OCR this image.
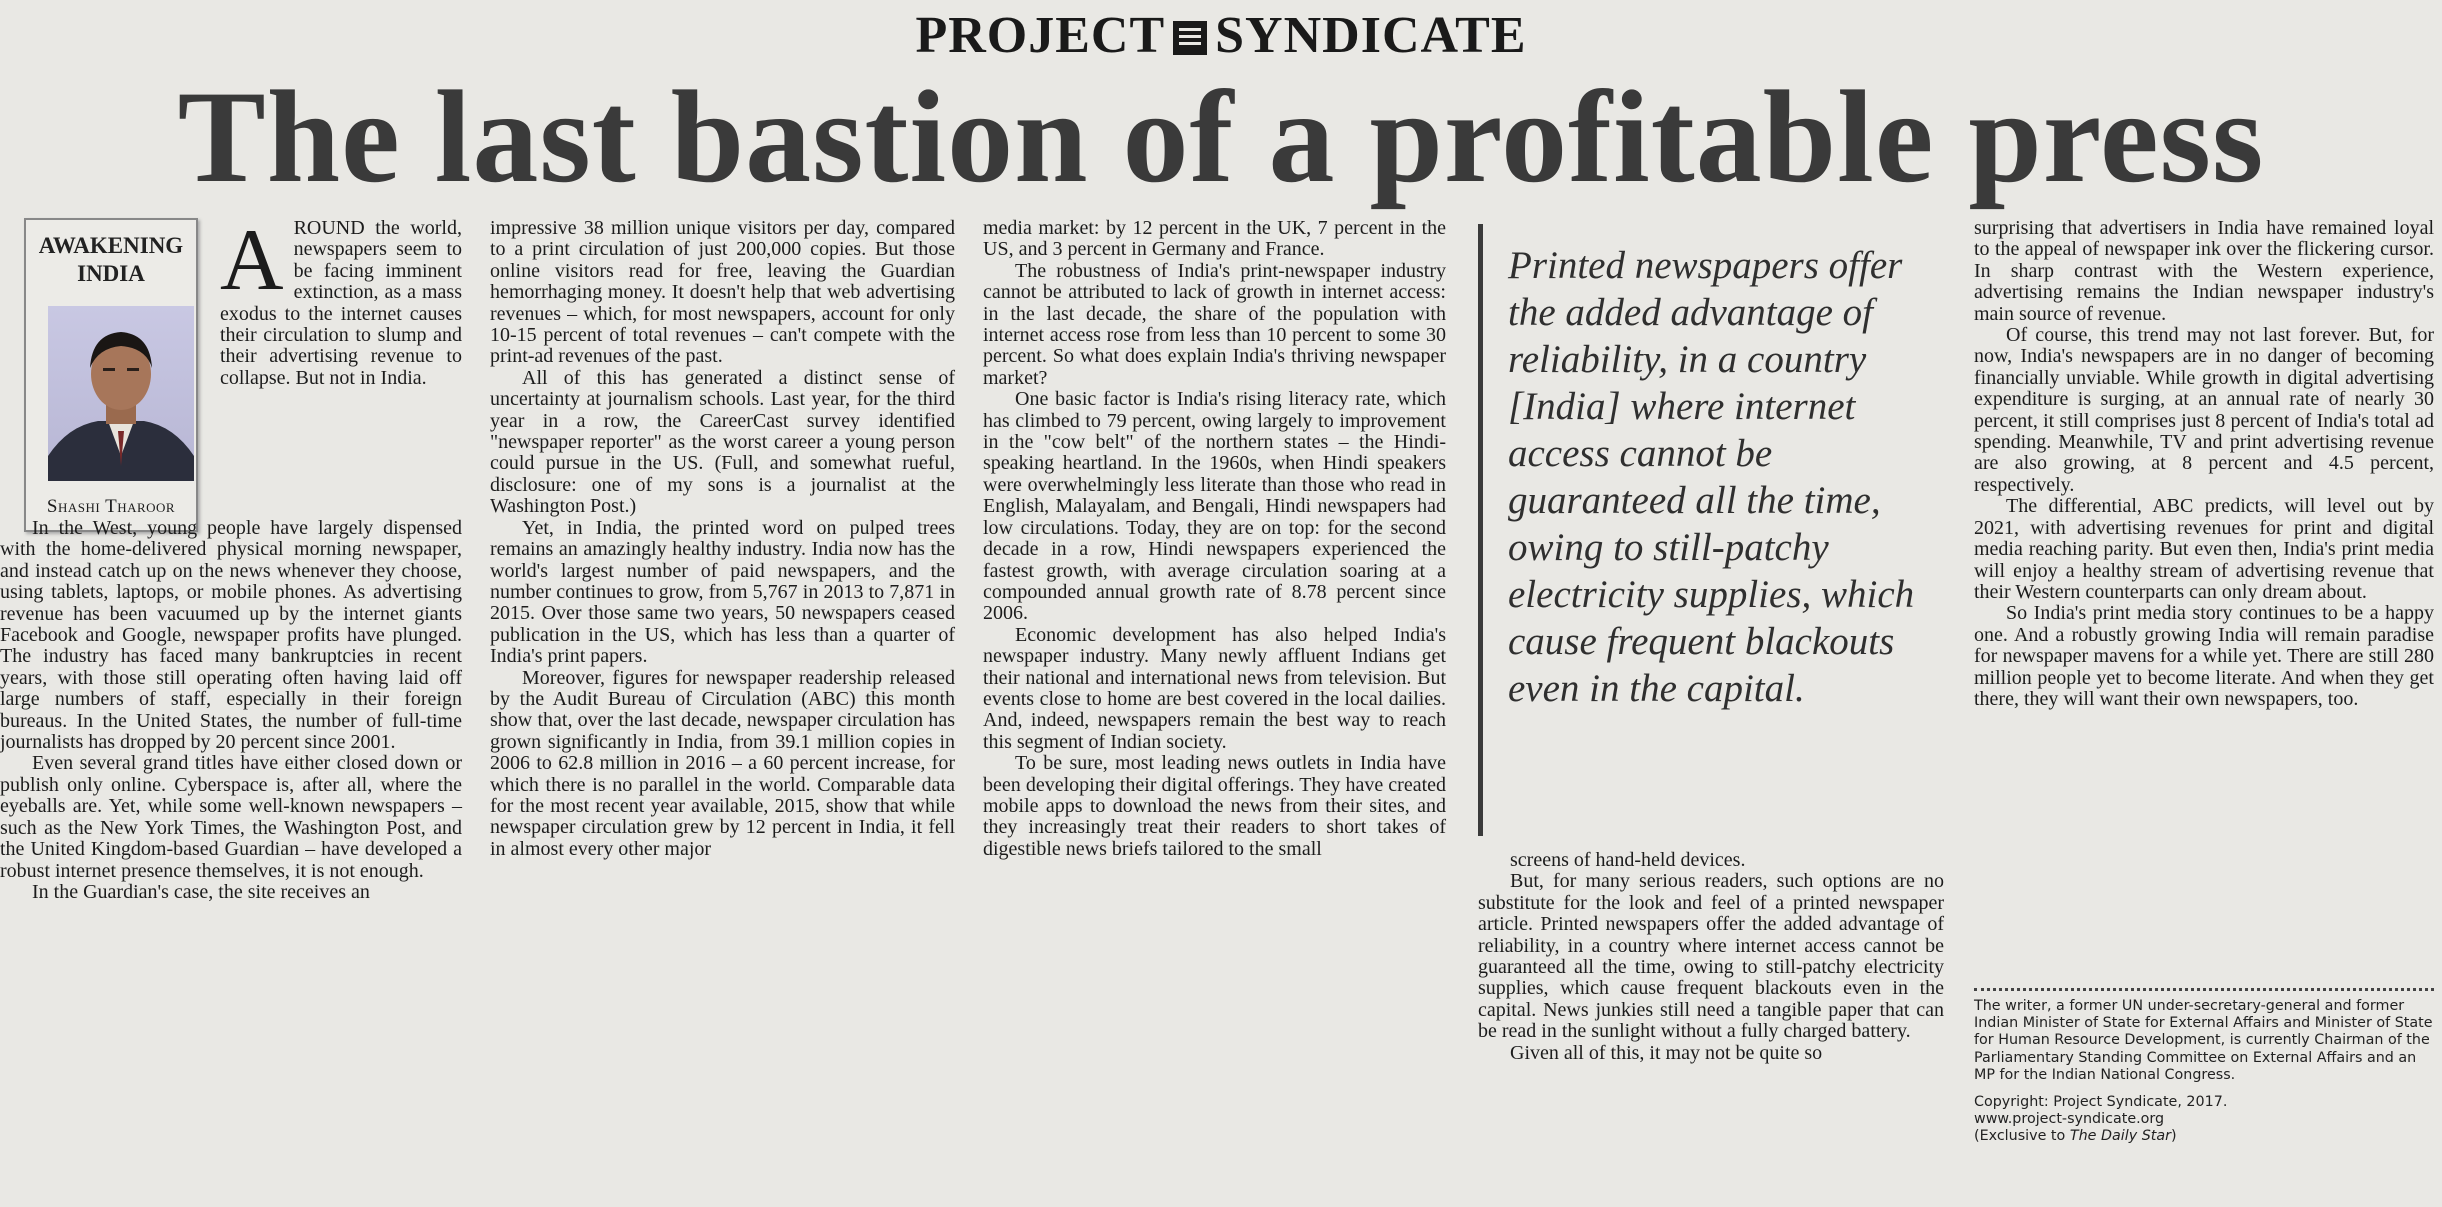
PROJECT SYNDICATE
The last bastion of a profitable press
AWAKENING
INDIA
Shashi Tharoor

AROUND the world, newspapers seem to be facing imminent extinction, as a mass exodus to the internet causes their circulation to slump and their advertising revenue to collapse. But not in India.

In the West, young people have largely dispensed with the home-delivered physical morning newspaper, and instead catch up on the news whenever they choose, using tablets, laptops, or mobile phones. As advertising revenue has been vacuumed up by the internet giants Facebook and Google, newspaper profits have plunged. The industry has faced many bankruptcies in recent years, with those still operating often having laid off large numbers of staff, especially in their foreign bureaus. In the United States, the number of full-time journalists has dropped by 20 percent since 2001.

Even several grand titles have either closed down or publish only online. Cyberspace is, after all, where the eyeballs are. Yet, while some well-known newspapers – such as the New York Times, the Washington Post, and the United Kingdom-based Guardian – have developed a robust internet presence themselves, it is not enough.

In the Guardian's case, the site receives an

impressive 38 million unique visitors per day, compared to a print circulation of just 200,000 copies. But those online visitors read for free, leaving the Guardian hemorrhaging money. It doesn't help that web advertising revenues – which, for most newspapers, account for only 10-15 percent of total revenues – can't compete with the print-ad revenues of the past.

All of this has generated a distinct sense of uncertainty at journalism schools. Last year, for the third year in a row, the CareerCast survey identified "newspaper reporter" as the worst career a young person could pursue in the US. (Full, and somewhat rueful, disclosure: one of my sons is a journalist at the Washington Post.)

Yet, in India, the printed word on pulped trees remains an amazingly healthy industry. India now has the world's largest number of paid newspapers, and the number continues to grow, from 5,767 in 2013 to 7,871 in 2015. Over those same two years, 50 newspapers ceased publication in the US, which has less than a quarter of India's print papers.

Moreover, figures for newspaper readership released by the Audit Bureau of Circulation (ABC) this month show that, over the last decade, newspaper circulation has grown significantly in India, from 39.1 million copies in 2006 to 62.8 million in 2016 – a 60 percent increase, for which there is no parallel in the world. Comparable data for the most recent year available, 2015, show that while newspaper circulation grew by 12 percent in India, it fell in almost every other major

media market: by 12 percent in the UK, 7 percent in the US, and 3 percent in Germany and France.

The robustness of India's print-newspaper industry cannot be attributed to lack of growth in internet access: in the last decade, the share of the population with internet access rose from less than 10 percent to some 30 percent. So what does explain India's thriving newspaper market?

One basic factor is India's rising literacy rate, which has climbed to 79 percent, owing largely to improvement in the "cow belt" of the northern states – the Hindi-speaking heartland. In the 1960s, when Hindi speakers were overwhelmingly less literate than those who read in English, Malayalam, and Bengali, Hindi newspapers had low circulations. Today, they are on top: for the second decade in a row, Hindi newspapers experienced the fastest growth, with average circulation soaring at a compounded annual growth rate of 8.78 percent since 2006.

Economic development has also helped India's newspaper industry. Many newly affluent Indians get their national and international news from television. But events close to home are best covered in the local dailies. And, indeed, newspapers remain the best way to reach this segment of Indian society.

To be sure, most leading news outlets in India have been developing their digital offerings. They have created mobile apps to download the news from their sites, and they increasingly treat their readers to short takes of digestible news briefs tailored to the small

Printed newspapers offer the added advantage of reliability, in a country [India] where internet access cannot be guaranteed all the time, owing to still-patchy electricity supplies, which cause frequent blackouts even in the capital.

screens of hand-held devices.

But, for many serious readers, such options are no substitute for the look and feel of a printed newspaper article. Printed newspapers offer the added advantage of reliability, in a country where internet access cannot be guaranteed all the time, owing to still-patchy electricity supplies, which cause frequent blackouts even in the capital. News junkies still need a tangible paper that can be read in the sunlight without a fully charged battery.

Given all of this, it may not be quite so

surprising that advertisers in India have remained loyal to the appeal of newspaper ink over the flickering cursor. In sharp contrast with the Western experience, advertising remains the Indian newspaper industry's main source of revenue.

Of course, this trend may not last forever. But, for now, India's newspapers are in no danger of becoming financially unviable. While growth in digital advertising expenditure is surging, at an annual rate of nearly 30 percent, it still comprises just 8 percent of India's total ad spending. Meanwhile, TV and print advertising revenue are also growing, at 8 percent and 4.5 percent, respectively.

The differential, ABC predicts, will level out by 2021, with advertising revenues for print and digital media reaching parity. But even then, India's print media will enjoy a healthy stream of advertising revenue that their Western counterparts can only dream about.

So India's print media story continues to be a happy one. And a robustly growing India will remain paradise for newspaper mavens for a while yet. There are still 280 million people yet to become literate. And when they get there, they will want their own newspapers, too.

The writer, a former UN under-secretary-general and former Indian Minister of State for External Affairs and Minister of State for Human Resource Development, is currently Chairman of the Parliamentary Standing Committee on External Affairs and an MP for the Indian National Congress.

Copyright: Project Syndicate, 2017.
www.project-syndicate.org
(Exclusive to The Daily Star)
